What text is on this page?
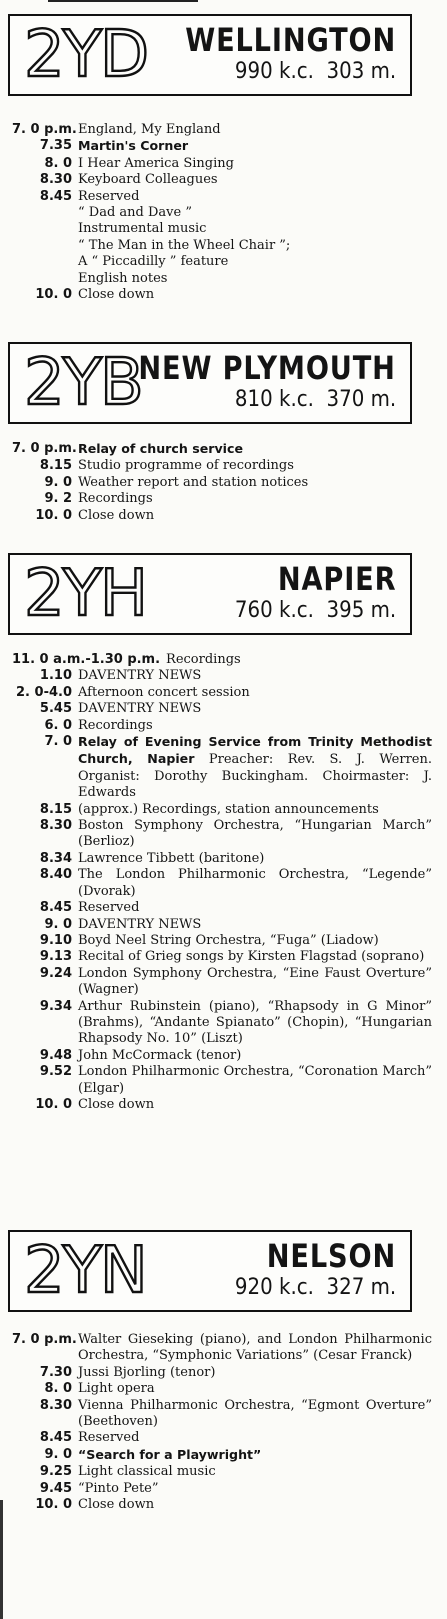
2YD WELLINGTON
990 k.c. 303 m.
7. 0 p.m. England, My England
7.35 Martin's Corner
8. 0 I Hear America Singing
8.30 Keyboard Colleagues
8.45 Reserved
“ Dad and Dave ”
Instrumental music
“ The Man in the Wheel Chair ”;
A “ Piccadilly ” feature
English notes
10. 0 Close down
2YB
NEW PLYMOUTH
810 k.c. 370 m.
7. 0 p.m. Relay of church service
8.15 Studio programme of recordings
9. 0 Weather report and station notices
9. 2 Recordings
10. 0 Close down
2YH	NAPIER
760 k.c. 395 m.
11. 0 a.m.-1.30 p.m. Recordings
1.10 DAVENTRY NEWS
2. 0-4.0 Afternoon concert session
5.45 DAVENTRY NEWS
6. 0 Recordings
7. 0 Relay of Evening Service from Trinity Methodist Church, Napier Preacher: Rev. S. J. Werren. Organist: Dorothy Buckingham. Choirmaster: J. Edwards
8.15 (approx.) Recordings, station announcements
8.30 Boston Symphony Orchestra, “Hungarian March” (Berlioz)
8.34 Lawrence Tibbett (baritone)
8.40 The London Philharmonic Orchestra, “Legende” (Dvorak)
8.45 Reserved
9. 0 DAVENTRY NEWS
9.10 Boyd Neel String Orchestra, “Fuga” (Liadow)
9.13 Recital of Grieg songs by Kirsten Flagstad (soprano)
9.24 London Symphony Orchestra, “Eine Faust Overture” (Wagner)
9.34 Arthur Rubinstein (piano), “Rhapsody in G Minor” (Brahms), “Andante Spianato” (Chopin), “Hungarian Rhapsody No. 10” (Liszt)
9.48 John McCormack (tenor)
9.52 London Philharmonic Orchestra, “Coronation March” (Elgar)
10. 0 Close down
2YN	NELSON
920 k.c. 327 m.
7. 0 p.m. Walter Gieseking (piano), and London Philharmonic Orchestra, “Symphonic Variations” (Cesar Franck)
7.30 Jussi Bjorling (tenor)
8. 0 Light opera
8.30 Vienna Philharmonic Orchestra, “Egmont Overture” (Beethoven)
8.45 Reserved
9. 0 “Search for a Playwright”
9.25 Light classical music
9.45 “Pinto Pete”
10. 0 Close down
